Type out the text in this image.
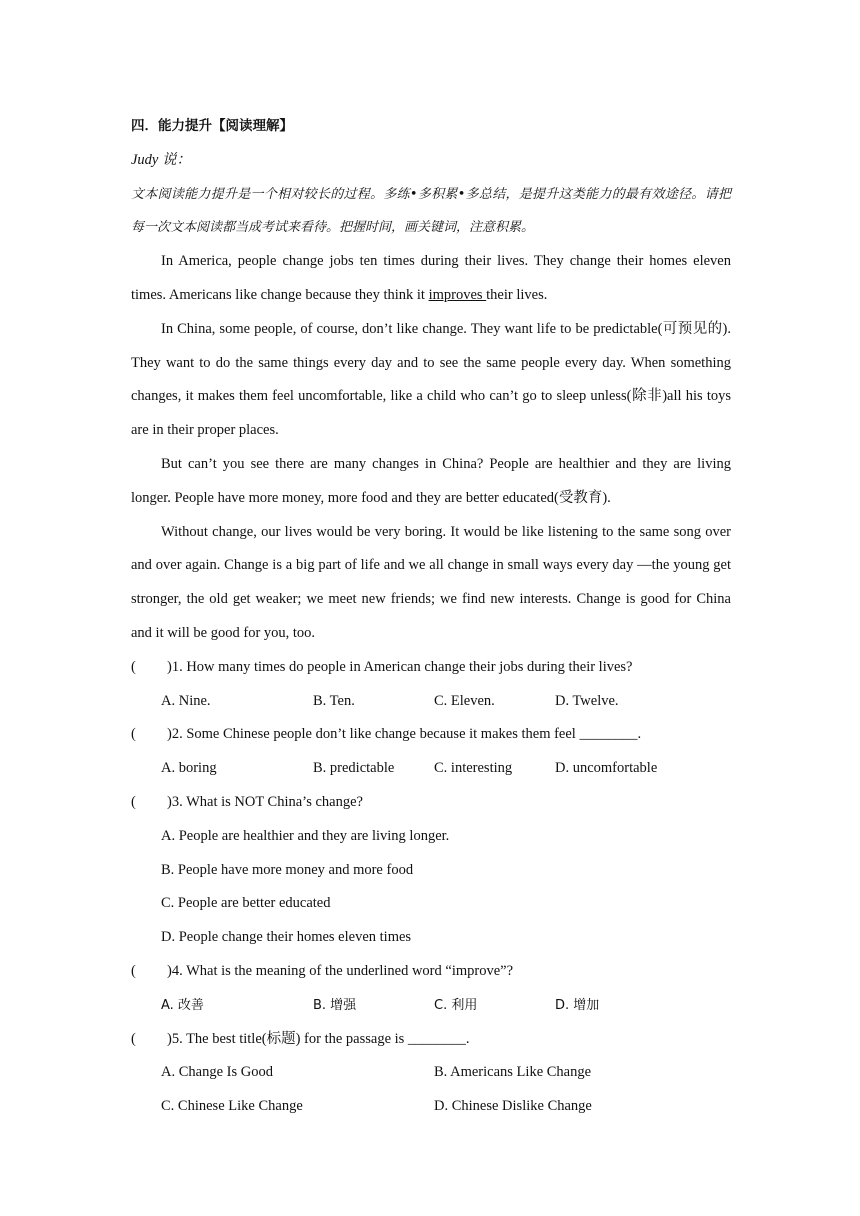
四．能力提升【阅读理解】
Judy 说：
文本阅读能力提升是一个相对较长的过程。多练•多积累•多总结，是提升这类能力的最有效途径。请把每一次文本阅读都当成考试来看待。把握时间，画关键词，注意积累。

In America, people change jobs ten times during their lives. They change their homes eleven times. Americans like change because they think it improves their lives.

In China, some people, of course, don’t like change. They want life to be predictable(可预见的). They want to do the same things every day and to see the same people every day. When something changes, it makes them feel uncomfortable, like a child who can’t go to sleep unless(除非)all his toys are in their proper places.

But can’t you see there are many changes in China? People are healthier and they are living longer. People have more money, more food and they are better educated(受教育).

Without change, our lives would be very boring. It would be like listening to the same song over and over again. Change is a big part of life and we all change in small ways every day —the young get stronger, the old get weaker; we meet new friends; we find new interests. Change is good for China and it will be good for you, too.

( )1. How many times do people in American change their jobs during their lives?

A. Nine.	B. Ten.	C. Eleven.	D. Twelve.

( )2. Some Chinese people don’t like change because it makes them feel ________.

A. boring	B. predictable	C. interesting	D. uncomfortable

( )3. What is NOT China’s change?

A. People are healthier and they are living longer.
B. People have more money and more food
C. People are better educated
D. People change their homes eleven times

( )4. What is the meaning of the underlined word “improve”?

A. 改善	B. 增强	C. 利用	D. 增加

( )5. The best title(标题) for the passage is ________.

A. Change Is Good	B. Americans Like Change
C. Chinese Like Change	D. Chinese Dislike Change
